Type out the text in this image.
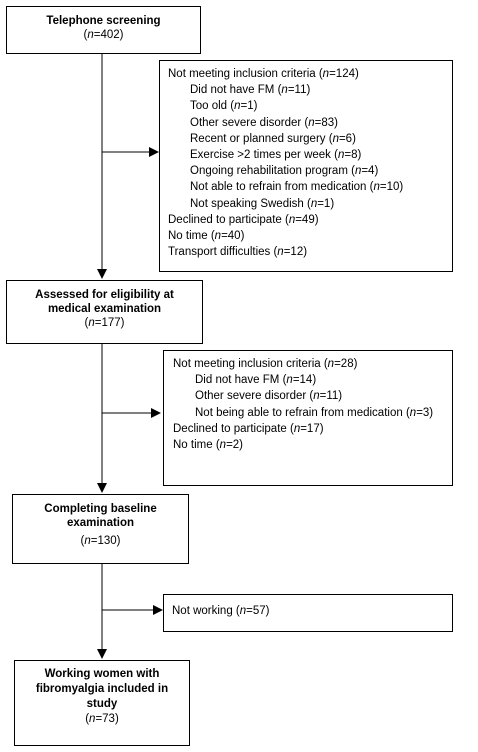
Telephone screening
(n=402)
Assessed for eligibility at
medical examination
(n=177)
Completing baseline
examination
(n=130)
Working women with
fibromyalgia included in
study
(n=73)
Not meeting inclusion criteria (n=124)
Did not have FM (n=11)
Too old (n=1)
Other severe disorder (n=83)
Recent or planned surgery (n=6)
Exercise >2 times per week (n=8)
Ongoing rehabilitation program (n=4)
Not able to refrain from medication (n=10)
Not speaking Swedish (n=1)
Declined to participate (n=49)
No time (n=40)
Transport difficulties (n=12)
Not meeting inclusion criteria (n=28)
Did not have FM (n=14)
Other severe disorder (n=11)
Not being able to refrain from medication (n=3)
Declined to participate (n=17)
No time (n=2)
Not working (n=57)
